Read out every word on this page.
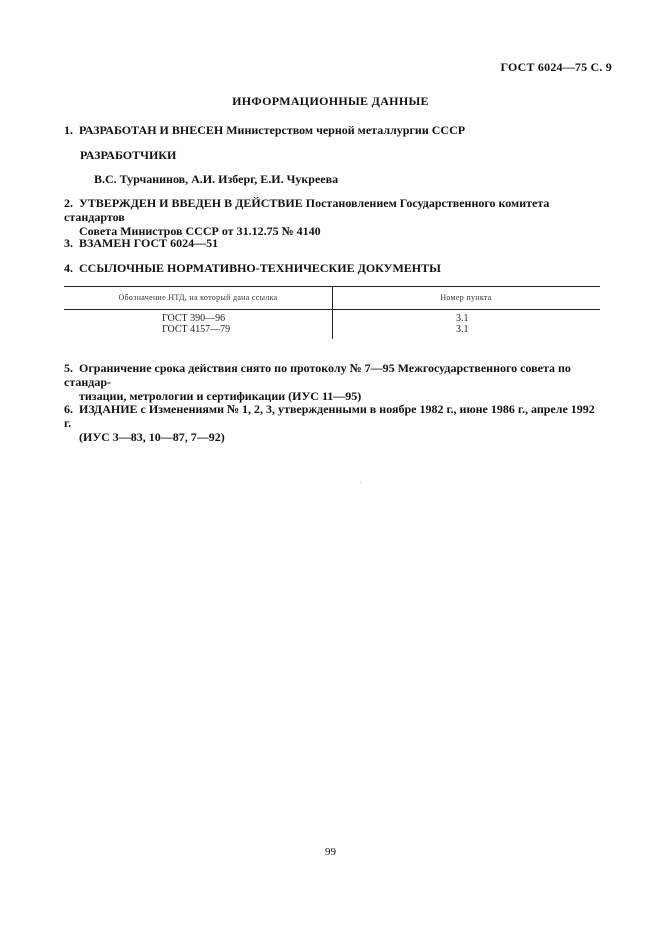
ГОСТ 6024—75 С. 9
ИНФОРМАЦИОННЫЕ ДАННЫЕ
1. РАЗРАБОТАН И ВНЕСЕН Министерством черной металлургии СССР
РАЗРАБОТЧИКИ
В.С. Турчанинов, А.И. Изберг, Е.И. Чукреева
2. УТВЕРЖДЕН И ВВЕДЕН В ДЕЙСТВИЕ Постановлением Государственного комитета стандартов
Совета Министров СССР от 31.12.75 № 4140
3. ВЗАМЕН ГОСТ 6024—51
4. ССЫЛОЧНЫЕ НОРМАТИВНО-ТЕХНИЧЕСКИЕ ДОКУМЕНТЫ
Обозначение НТД, на который дана ссылка	Номер пункта
ГОСТ 390—96	3.1
ГОСТ 4157—79	3.1
5. Ограничение срока действия снято по протоколу № 7—95 Межгосударственного совета по стандар-
тизации, метрологии и сертификации (ИУС 11—95)
6. ИЗДАНИЕ с Изменениями № 1, 2, 3, утвержденными в ноябре 1982 г., июне 1986 г., апреле 1992 г.
(ИУС 3—83, 10—87, 7—92)
99
